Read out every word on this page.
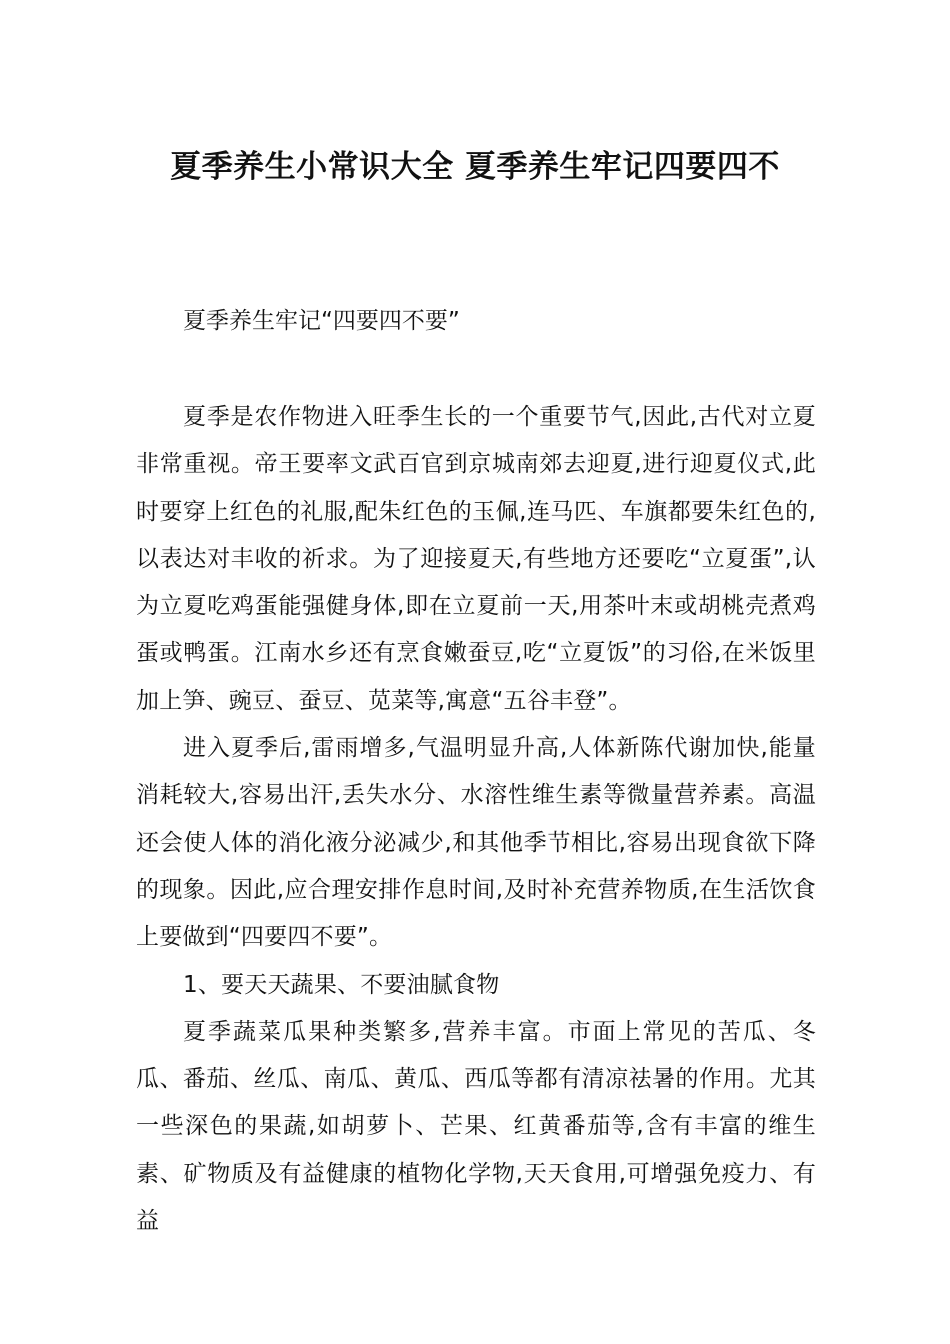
夏季养生小常识大全 夏季养生牢记四要四不

夏季养生牢记“四要四不要”

夏季是农作物进入旺季生长的一个重要节气,因此,古代对立夏非常重视。帝王要率文武百官到京城南郊去迎夏,进行迎夏仪式,此时要穿上红色的礼服,配朱红色的玉佩,连马匹、车旗都要朱红色的,以表达对丰收的祈求。为了迎接夏天,有些地方还要吃“立夏蛋”,认为立夏吃鸡蛋能强健身体,即在立夏前一天,用茶叶末或胡桃壳煮鸡蛋或鸭蛋。江南水乡还有烹食嫩蚕豆,吃“立夏饭”的习俗,在米饭里加上笋、豌豆、蚕豆、苋菜等,寓意“五谷丰登”。

进入夏季后,雷雨增多,气温明显升高,人体新陈代谢加快,能量消耗较大,容易出汗,丢失水分、水溶性维生素等微量营养素。高温还会使人体的消化液分泌减少,和其他季节相比,容易出现食欲下降的现象。因此,应合理安排作息时间,及时补充营养物质,在生活饮食上要做到“四要四不要”。

1、要天天蔬果、不要油腻食物

夏季蔬菜瓜果种类繁多,营养丰富。市面上常见的苦瓜、冬瓜、番茄、丝瓜、南瓜、黄瓜、西瓜等都有清凉祛暑的作用。尤其一些深色的果蔬,如胡萝卜、芒果、红黄番茄等,含有丰富的维生素、矿物质及有益健康的植物化学物,天天食用,可增强免疫力、有益
